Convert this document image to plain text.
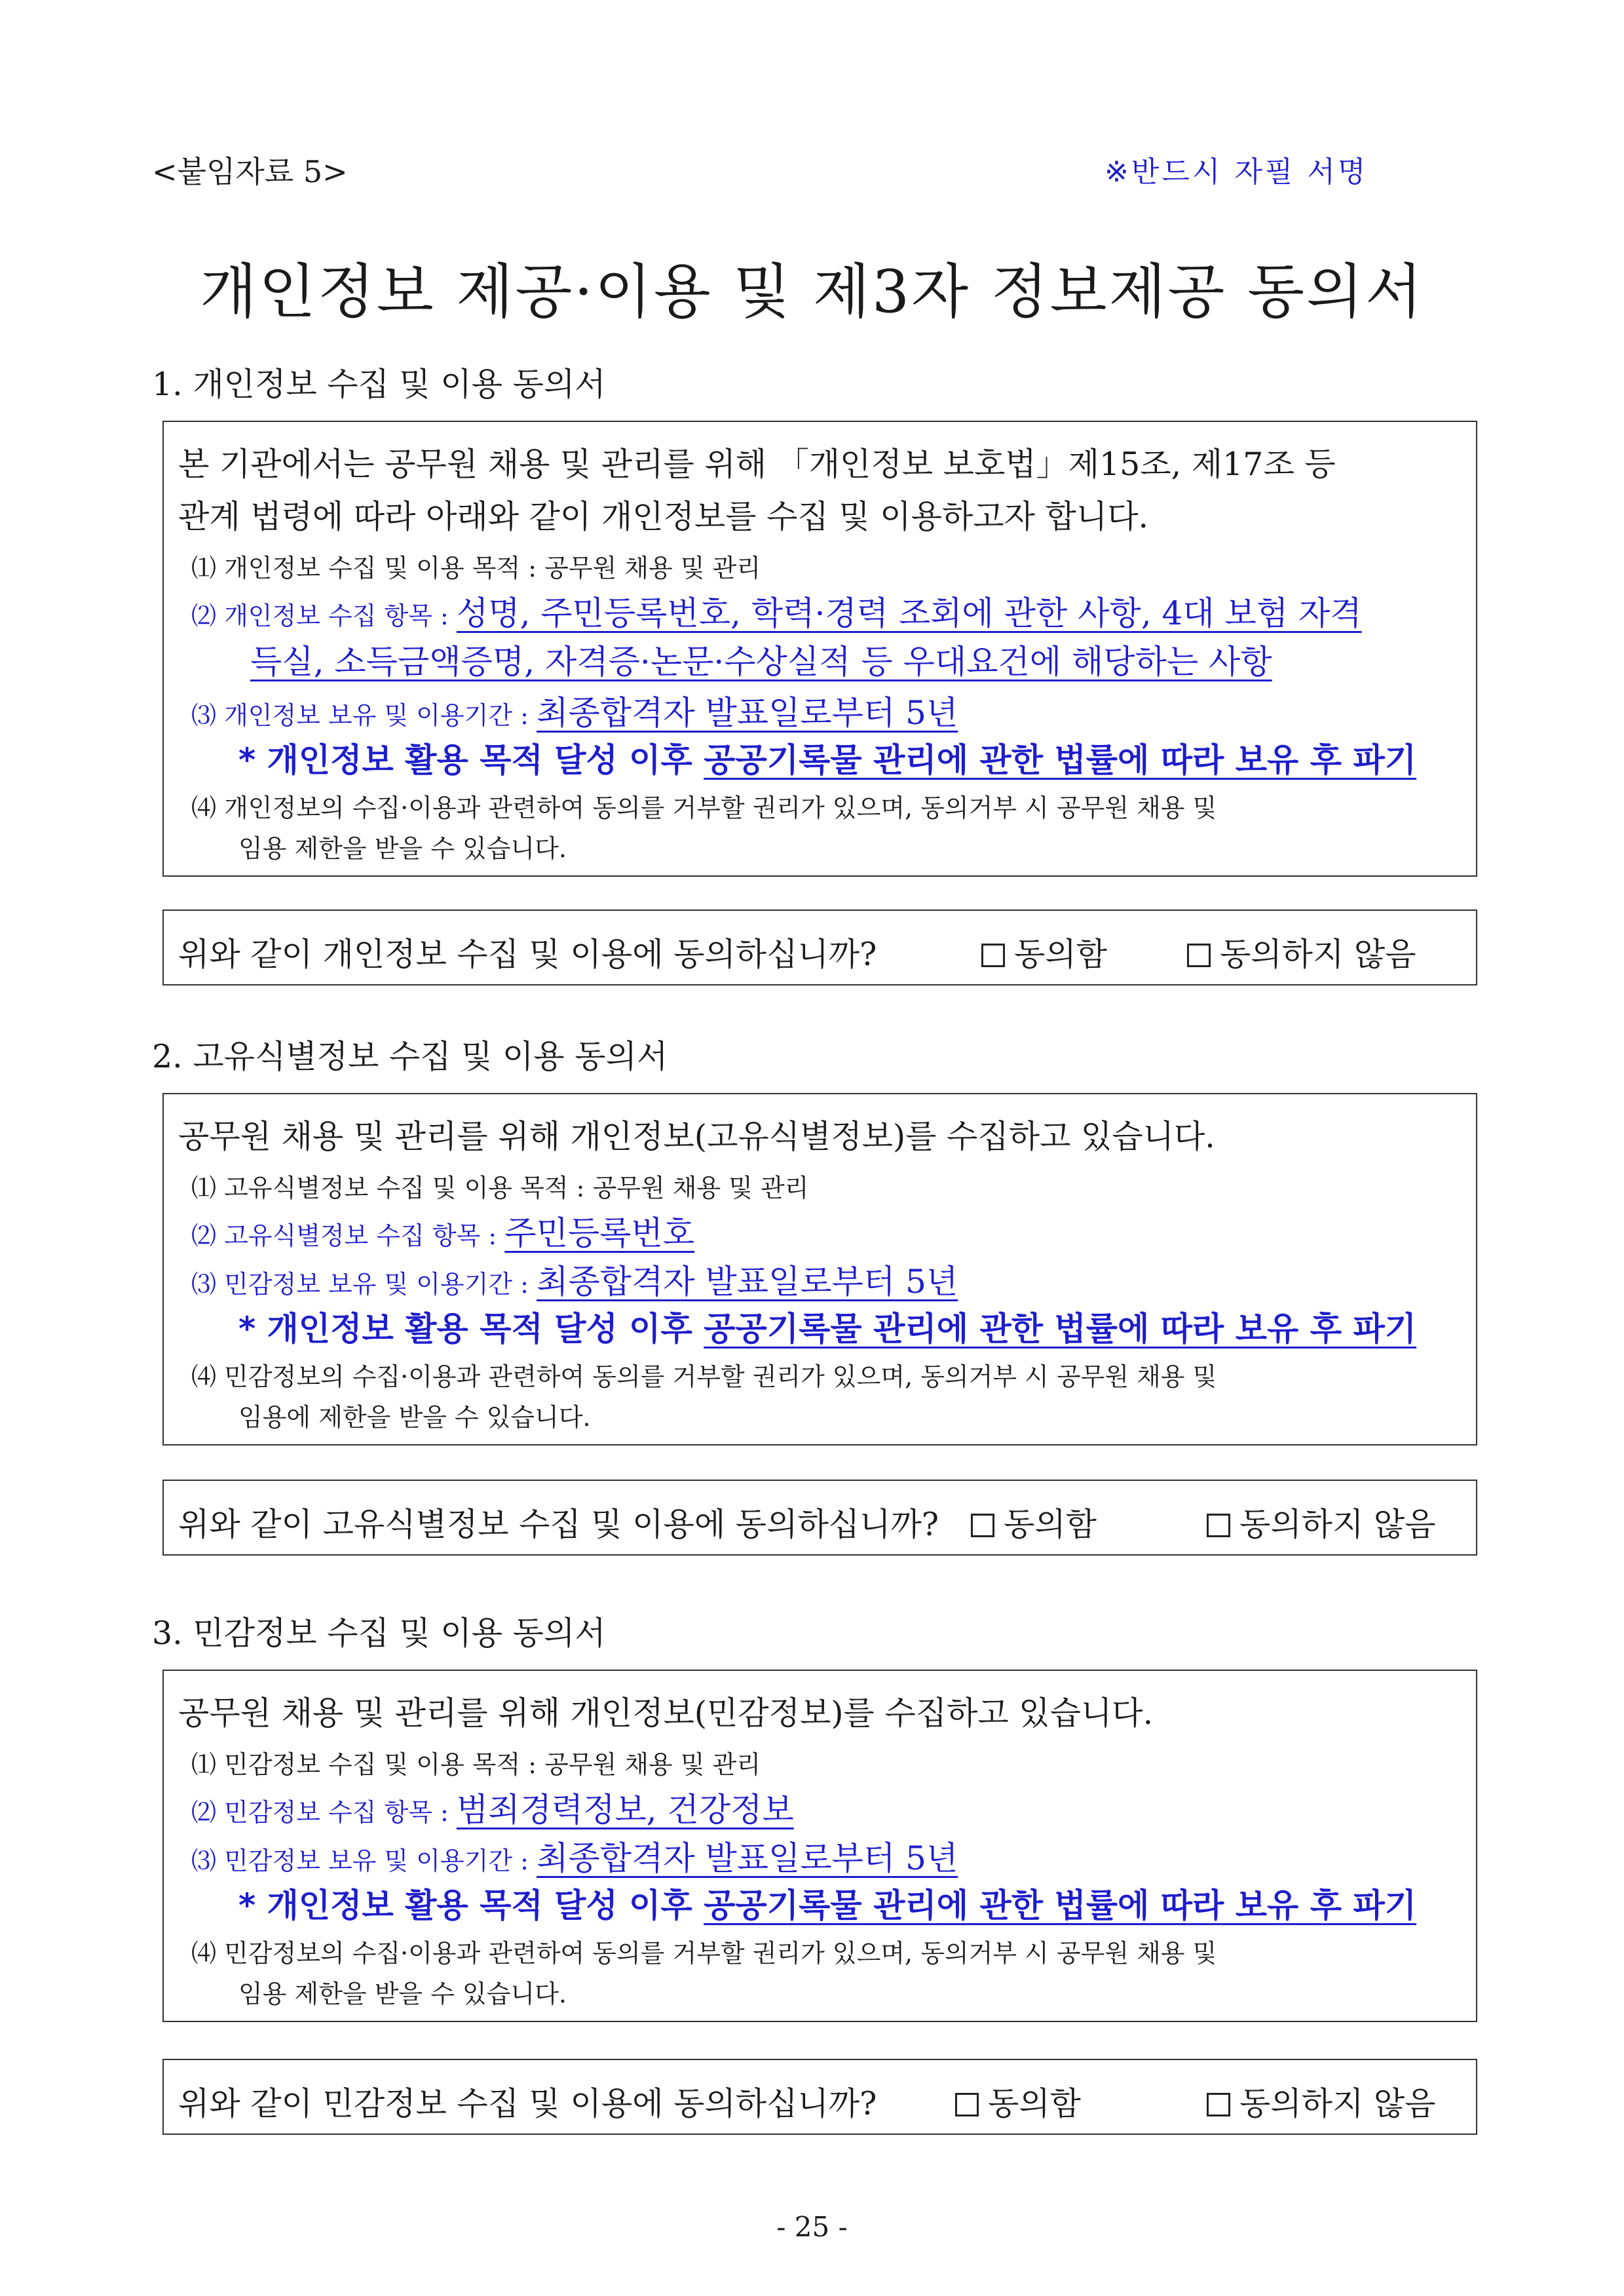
<붙임자료 5>	※반드시 자필 서명
개인정보 제공·이용 및 제3자 정보제공 동의서
1. 개인정보 수집 및 이용 동의서
본 기관에서는 공무원 채용 및 관리를 위해 「개인정보 보호법」제15조, 제17조 등
관계 법령에 따라 아래와 같이 개인정보를 수집 및 이용하고자 합니다.
⑴ 개인정보 수집 및 이용 목적 : 공무원 채용 및 관리
⑵ 개인정보 수집 항목 : 성명, 주민등록번호, 학력·경력 조회에 관한 사항, 4대 보험 자격
득실, 소득금액증명, 자격증·논문·수상실적 등 우대요건에 해당하는 사항
⑶ 개인정보 보유 및 이용기간 : 최종합격자 발표일로부터 5년
* 개인정보 활용 목적 달성 이후 공공기록물 관리에 관한 법률에 따라 보유 후 파기
⑷ 개인정보의 수집·이용과 관련하여 동의를 거부할 권리가 있으며, 동의거부 시 공무원 채용 및
임용 제한을 받을 수 있습니다.
위와 같이 개인정보 수집 및 이용에 동의하십니까?	동의함	동의하지 않음
2. 고유식별정보 수집 및 이용 동의서
공무원 채용 및 관리를 위해 개인정보(고유식별정보)를 수집하고 있습니다.
⑴ 고유식별정보 수집 및 이용 목적 : 공무원 채용 및 관리
⑵ 고유식별정보 수집 항목 : 주민등록번호
⑶ 민감정보 보유 및 이용기간 : 최종합격자 발표일로부터 5년
* 개인정보 활용 목적 달성 이후 공공기록물 관리에 관한 법률에 따라 보유 후 파기
⑷ 민감정보의 수집·이용과 관련하여 동의를 거부할 권리가 있으며, 동의거부 시 공무원 채용 및
임용에 제한을 받을 수 있습니다.
위와 같이 고유식별정보 수집 및 이용에 동의하십니까?	동의함	동의하지 않음
3. 민감정보 수집 및 이용 동의서
공무원 채용 및 관리를 위해 개인정보(민감정보)를 수집하고 있습니다.
⑴ 민감정보 수집 및 이용 목적 : 공무원 채용 및 관리
⑵ 민감정보 수집 항목 : 범죄경력정보, 건강정보
⑶ 민감정보 보유 및 이용기간 : 최종합격자 발표일로부터 5년
* 개인정보 활용 목적 달성 이후 공공기록물 관리에 관한 법률에 따라 보유 후 파기
⑷ 민감정보의 수집·이용과 관련하여 동의를 거부할 권리가 있으며, 동의거부 시 공무원 채용 및
임용 제한을 받을 수 있습니다.
위와 같이 민감정보 수집 및 이용에 동의하십니까?	동의함	동의하지 않음
- 25 -
